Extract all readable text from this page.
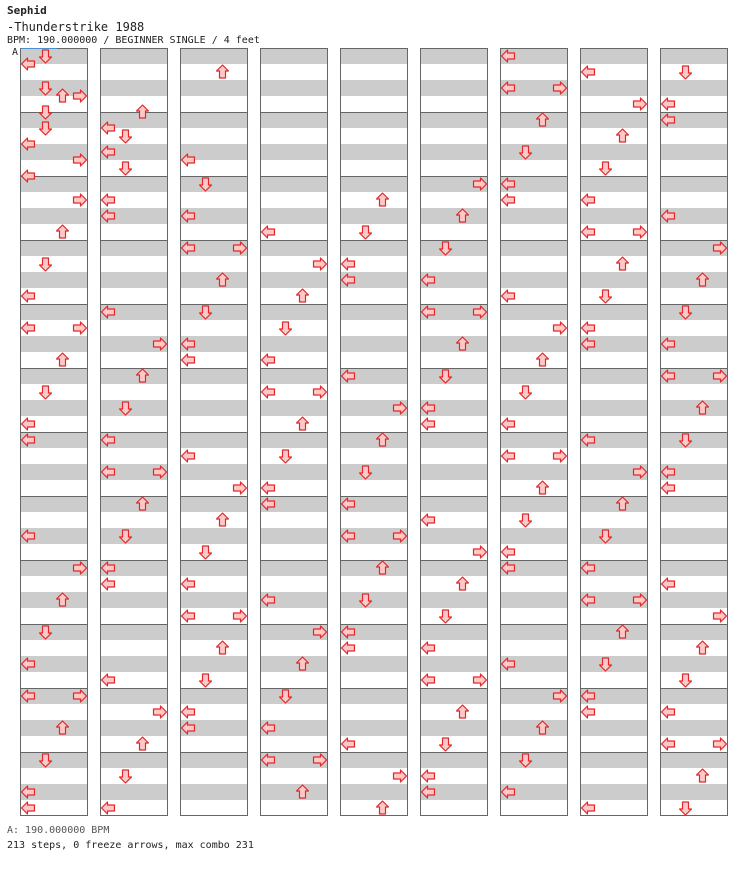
Sephid
-Thunderstrike 1988
BPM: 190.000000 / BEGINNER SINGLE / 4 feet
A
A: 190.000000 BPM
213 steps, 0 freeze arrows, max combo 231
